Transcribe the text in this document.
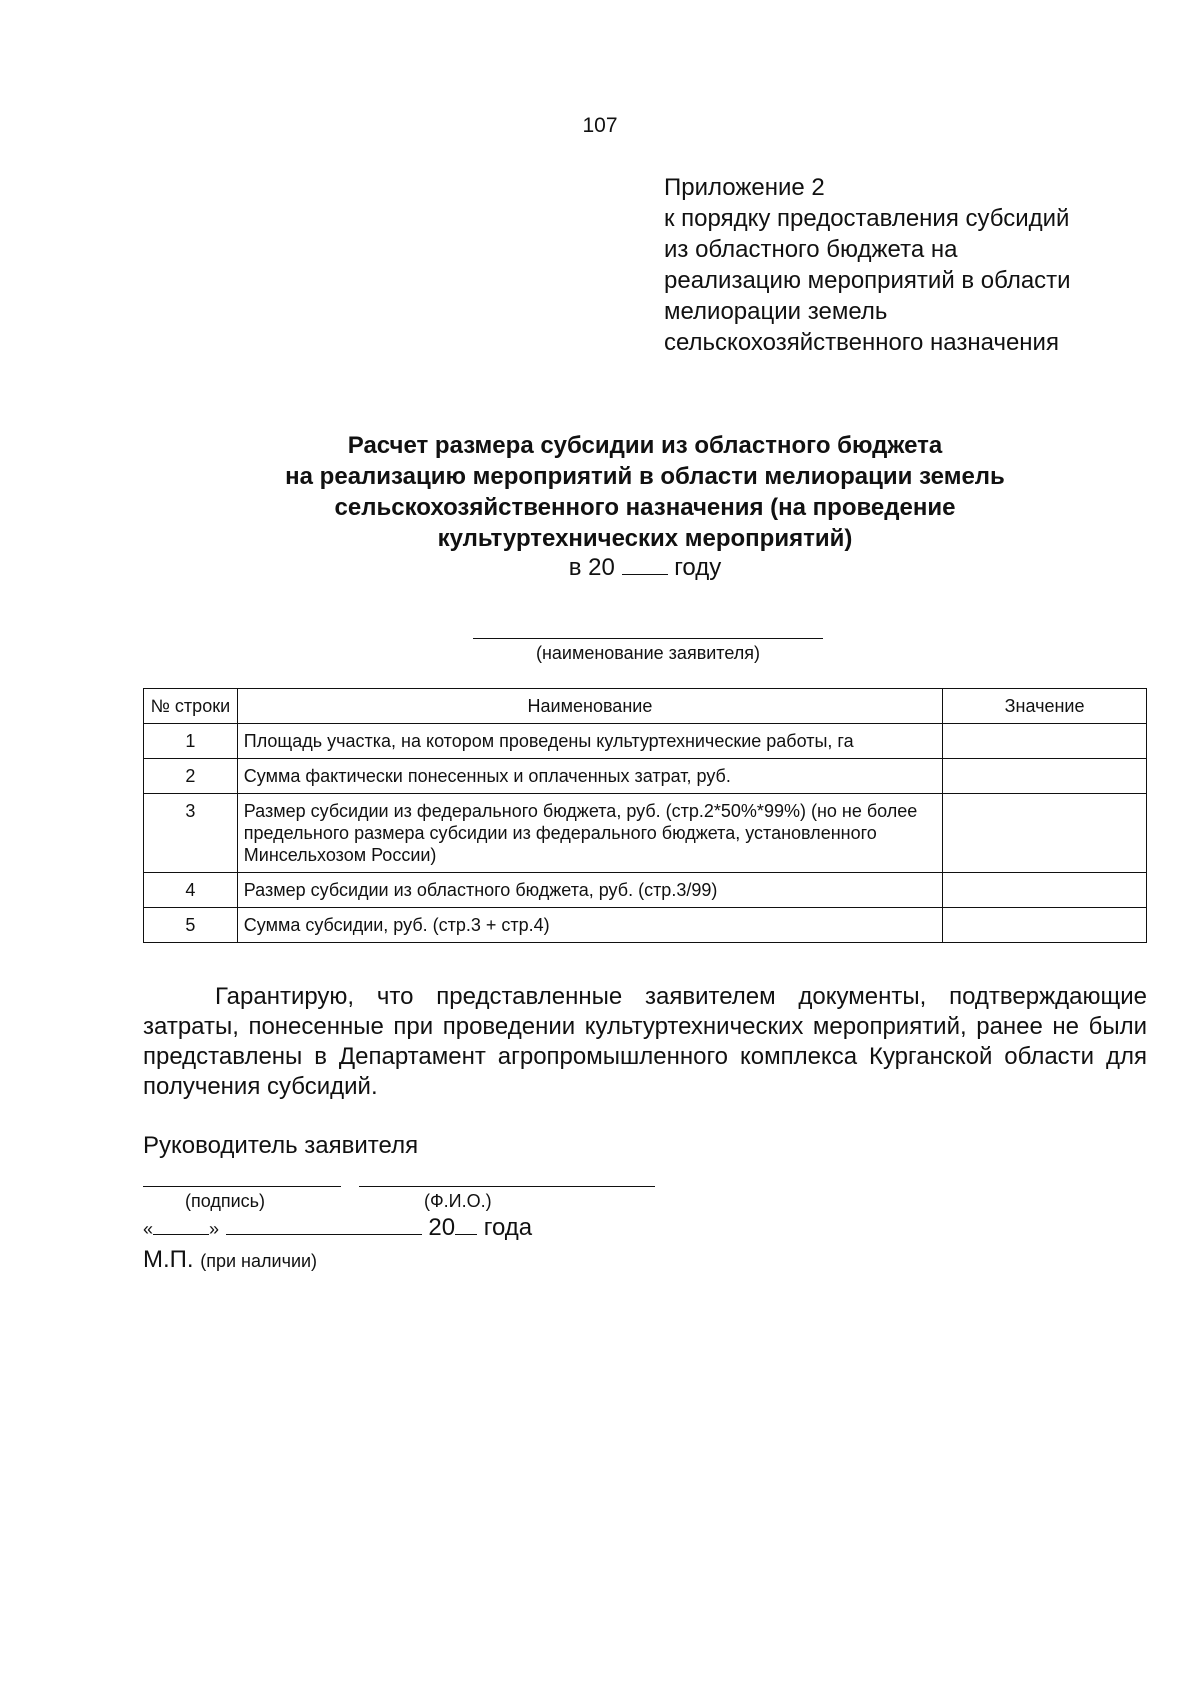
107

Приложение 2
к порядку предоставления субсидий
из областного бюджета на
реализацию мероприятий в области
мелиорации земель
сельскохозяйственного назначения
Расчет размера субсидии из областного бюджета
на реализацию мероприятий в области мелиорации земель
сельскохозяйственного назначения (на проведение
культуртехнических мероприятий)

в 20 году

(наименование заявителя)

№ строки	Наименование	Значение
1	Площадь участка, на котором проведены культуртехнические работы, га	
2	Сумма фактически понесенных и оплаченных затрат, руб.	
3	Размер субсидии из федерального бюджета, руб. (стр.2*50%*99%) (но не более предельного размера субсидии из федерального бюджета, установленного Минсельхозом России)	
4	Размер субсидии из областного бюджета, руб. (стр.3/99)	
5	Сумма субсидии, руб. (стр.3 + стр.4)	

Гарантирую, что представленные заявителем документы, подтверждающие затраты, понесенные при проведении культуртехнических мероприятий, ранее не были представлены в Департамент агропромышленного комплекса Курганской области для получения субсидий.

Руководитель заявителя

(подпись)	(Ф.И.О.)

«	»	20 года

М.П. (при наличии)
